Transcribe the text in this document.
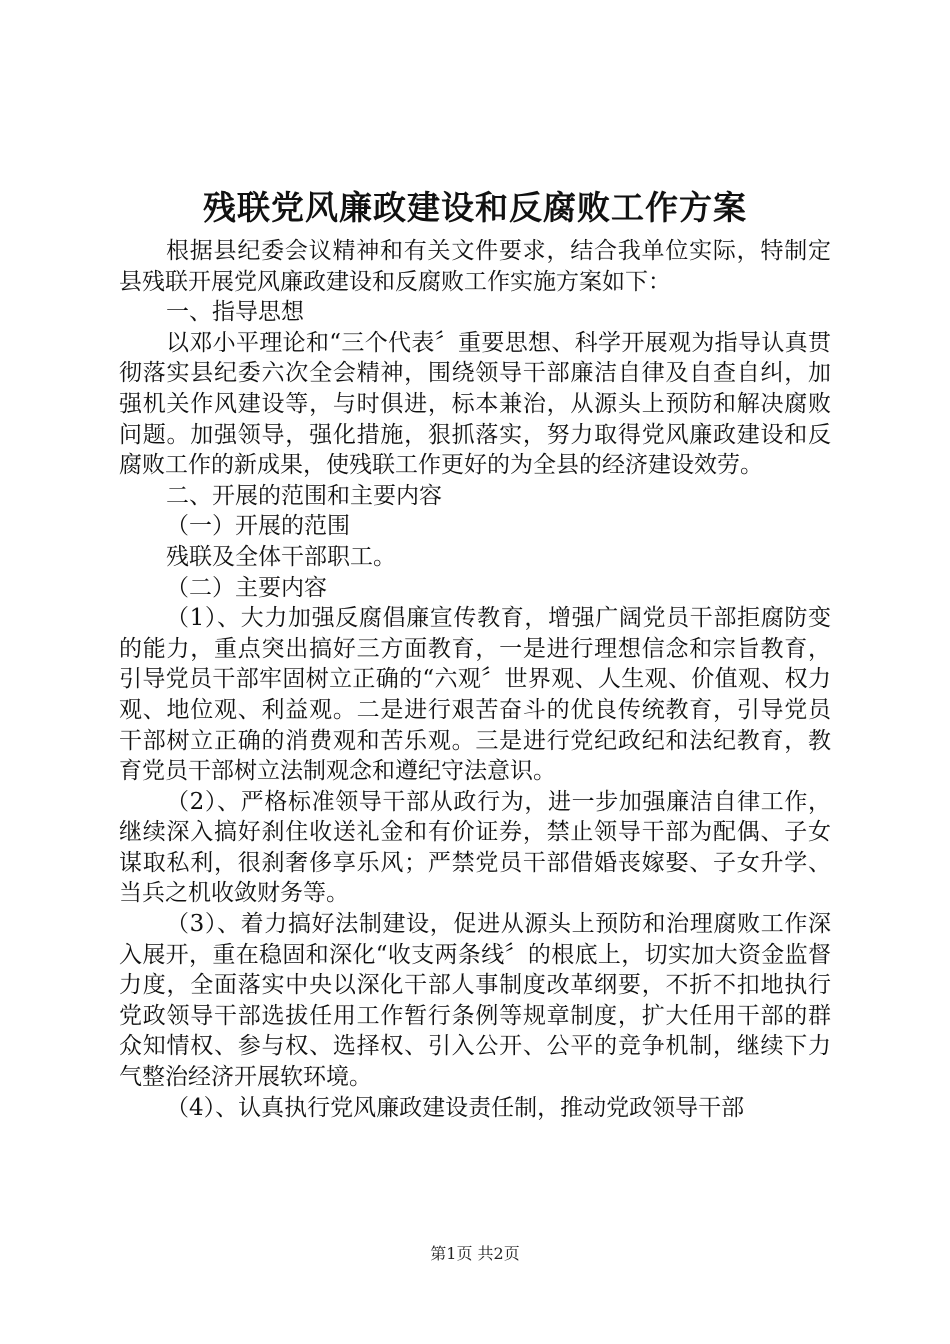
残联党风廉政建设和反腐败工作方案

根据县纪委会议精神和有关文件要求，结合我单位实际，特制定县残联开展党风廉政建设和反腐败工作实施方案如下：

一、指导思想

以邓小平理论和“三个代表〞重要思想、科学开展观为指导认真贯彻落实县纪委六次全会精神，围绕领导干部廉洁自律及自查自纠，加强机关作风建设等，与时俱进，标本兼治，从源头上预防和解决腐败问题。加强领导，强化措施，狠抓落实，努力取得党风廉政建设和反腐败工作的新成果，使残联工作更好的为全县的经济建设效劳。

二、开展的范围和主要内容

（一）开展的范围

残联及全体干部职工。

（二）主要内容

（1）、大力加强反腐倡廉宣传教育，增强广阔党员干部拒腐防变的能力，重点突出搞好三方面教育，一是进行理想信念和宗旨教育，引导党员干部牢固树立正确的“六观〞世界观、人生观、价值观、权力观、地位观、利益观。二是进行艰苦奋斗的优良传统教育，引导党员干部树立正确的消费观和苦乐观。三是进行党纪政纪和法纪教育，教育党员干部树立法制观念和遵纪守法意识。

（2）、严格标准领导干部从政行为，进一步加强廉洁自律工作，继续深入搞好刹住收送礼金和有价证券，禁止领导干部为配偶、子女谋取私利，很刹奢侈享乐风；严禁党员干部借婚丧嫁娶、子女升学、当兵之机收敛财务等。

（3）、着力搞好法制建设，促进从源头上预防和治理腐败工作深入展开，重在稳固和深化“收支两条线〞的根底上，切实加大资金监督力度，全面落实中央以深化干部人事制度改革纲要，不折不扣地执行党政领导干部选拔任用工作暂行条例等规章制度，扩大任用干部的群众知情权、参与权、选择权、引入公开、公平的竞争机制，继续下力气整治经济开展软环境。

（4）、认真执行党风廉政建设责任制，推动党政领导干部

第1页 共2页
